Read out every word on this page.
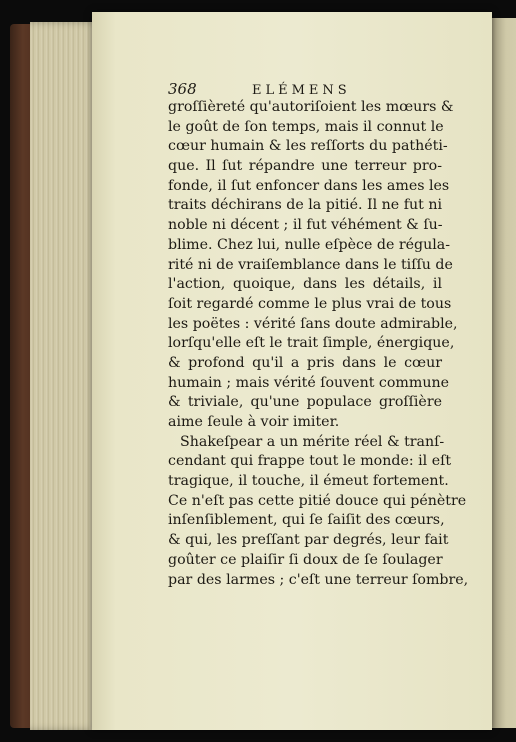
368	ELÉMENS
groſſièreté qu'autoriſoient les mœurs &
le goût de ſon temps, mais il connut le
cœur humain & les reſſorts du pathéti-
que. Il ſut répandre une terreur pro-
fonde, il ſut enfoncer dans les ames les
traits déchirans de la pitié. Il ne fut ni
noble ni décent ; il fut véhément & ſu-
blime. Chez lui, nulle eſpèce de régula-
rité ni de vraiſemblance dans le tiſſu de
l'action, quoique, dans les détails, il
ſoit regardé comme le plus vrai de tous
les poëtes : vérité ſans doute admirable,
lorſqu'elle eſt le trait ſimple, énergique,
& profond qu'il a pris dans le cœur
humain ; mais vérité ſouvent commune
& triviale, qu'une populace groſſière
aime ſeule à voir imiter.
Shakeſpear a un mérite réel & tranſ-
cendant qui frappe tout le monde: il eſt
tragique, il touche, il émeut fortement.
Ce n'eſt pas cette pitié douce qui pénètre
inſenſiblement, qui ſe ſaiſit des cœurs,
& qui, les preſſant par degrés, leur fait
goûter ce plaiſir ſi doux de ſe ſoulager
par des larmes ; c'eſt une terreur ſombre,
